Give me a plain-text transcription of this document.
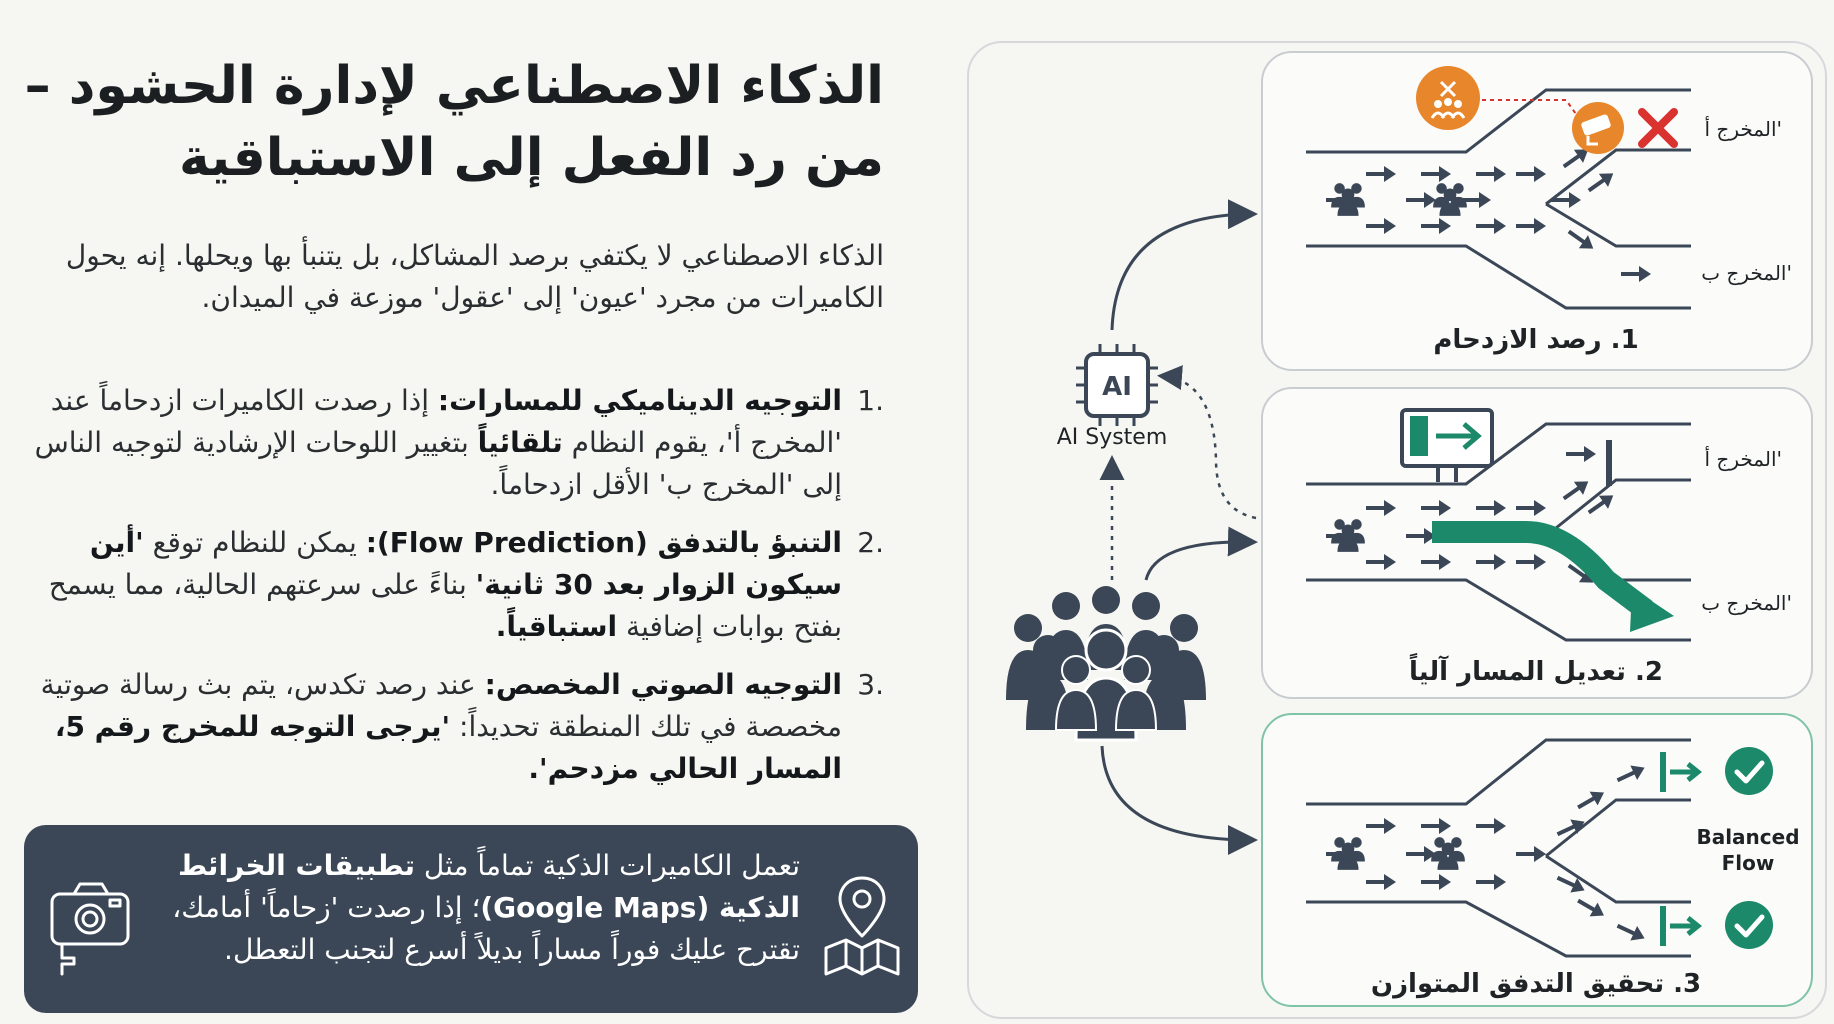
الذكاء الاصطناعي لإدارة الحشود –
من رد الفعل إلى الاستباقية
الذكاء الاصطناعي لا يكتفي برصد المشاكل، بل يتنبأ بها ويحلها. إنه يحول الكاميرات من مجرد 'عيون' إلى 'عقول' موزعة في الميدان.
.1
التوجيه الديناميكي للمسارات: إذا رصدت الكاميرات ازدحاماً عند 'المخرج أ'، يقوم النظام تلقائياً بتغيير اللوحات الإرشادية لتوجيه الناس إلى 'المخرج ب' الأقل ازدحاماً.
.2
التنبؤ بالتدفق (Flow Prediction): يمكن للنظام توقع 'أين سيكون الزوار بعد 30 ثانية' بناءً على سرعتهم الحالية، مما يسمح بفتح بوابات إضافية استباقياً.
.3
التوجيه الصوتي المخصص: عند رصد تكدس، يتم بث رسالة صوتية مخصصة في تلك المنطقة تحديداً: 'يرجى التوجه للمخرج رقم 5، المسار الحالي مزدحم'.
تعمل الكاميرات الذكية تماماً مثل تطبيقات الخرائط الذكية (Google Maps)؛ إذا رصدت 'زحاماً' أمامك، تقترح عليك فوراً مساراً بديلاً أسرع لتجنب التعطل.
المخرج أ'
المخرج ب'
1. رصد الازدحام
المخرج أ'
المخرج ب'
2. تعديل المسار آلياً
Balanced
Flow
3. تحقيق التدفق المتوازن
AI
AI System
